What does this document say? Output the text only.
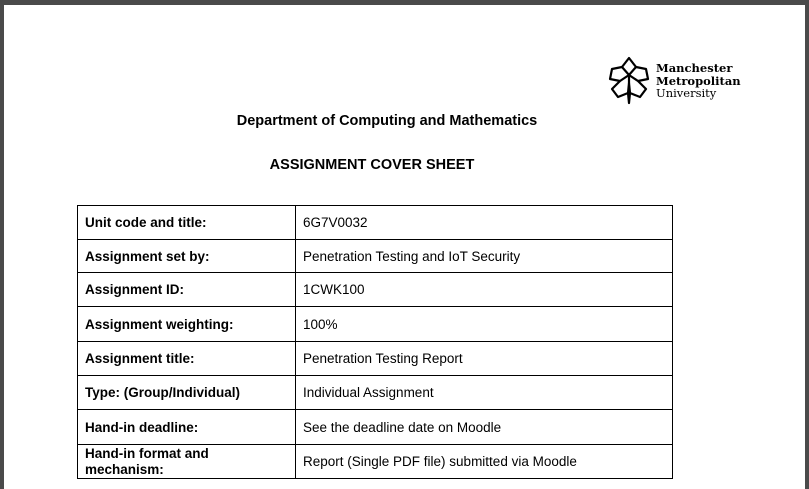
Manchester
Metropolitan
University
Department of Computing and Mathematics
ASSIGNMENT COVER SHEET
Unit code and title:	6G7V0032
Assignment set by:	Penetration Testing and IoT Security
Assignment ID:	1CWK100
Assignment weighting:	100%
Assignment title:	Penetration Testing Report
Type: (Group/Individual)	Individual Assignment
Hand-in deadline:	See the deadline date on Moodle
Hand-in format and mechanism:	Report (Single PDF file) submitted via Moodle
